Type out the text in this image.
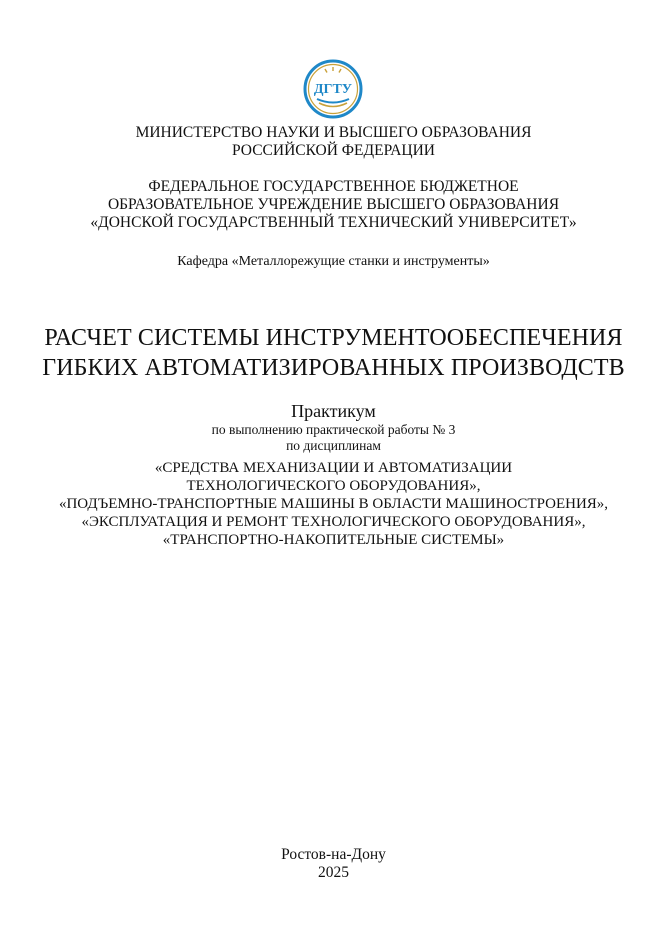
ДГТУ
МИНИСТЕРСТВО НАУКИ И ВЫСШЕГО ОБРАЗОВАНИЯ
РОССИЙСКОЙ ФЕДЕРАЦИИ
ФЕДЕРАЛЬНОЕ ГОСУДАРСТВЕННОЕ БЮДЖЕТНОЕ
ОБРАЗОВАТЕЛЬНОЕ УЧРЕЖДЕНИЕ ВЫСШЕГО ОБРАЗОВАНИЯ
«ДОНСКОЙ ГОСУДАРСТВЕННЫЙ ТЕХНИЧЕСКИЙ УНИВЕРСИТЕТ»
Кафедра «Металлорежущие станки и инструменты»
РАСЧЕТ СИСТЕМЫ ИНСТРУМЕНТООБЕСПЕЧЕНИЯ
ГИБКИХ АВТОМАТИЗИРОВАННЫХ ПРОИЗВОДСТВ
Практикум
по выполнению практической работы № 3
по дисциплинам
«СРЕДСТВА МЕХАНИЗАЦИИ И АВТОМАТИЗАЦИИ
ТЕХНОЛОГИЧЕСКОГО ОБОРУДОВАНИЯ»,
«ПОДЪЕМНО-ТРАНСПОРТНЫЕ МАШИНЫ В ОБЛАСТИ МАШИНОСТРОЕНИЯ»,
«ЭКСПЛУАТАЦИЯ И РЕМОНТ ТЕХНОЛОГИЧЕСКОГО ОБОРУДОВАНИЯ»,
«ТРАНСПОРТНО-НАКОПИТЕЛЬНЫЕ СИСТЕМЫ»
Ростов-на-Дону
2025
